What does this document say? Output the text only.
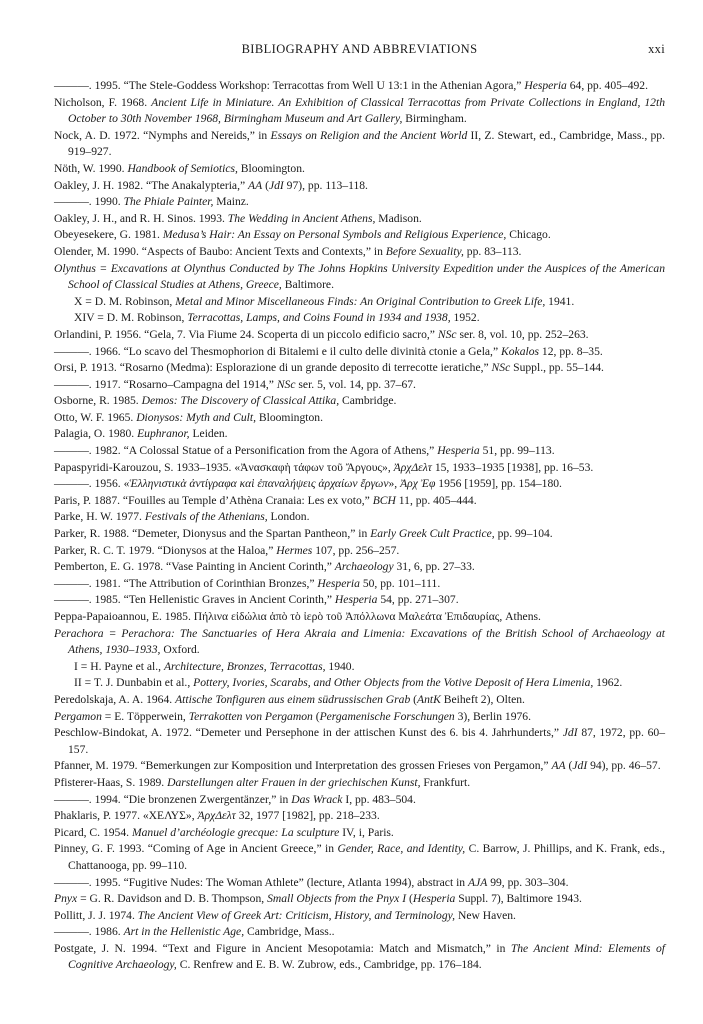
BIBLIOGRAPHY AND ABBREVIATIONS	xxi

———. 1995. “The Stele-Goddess Workshop: Terracottas from Well U 13:1 in the Athenian Agora,” Hesperia 64, pp. 405–492.

Nicholson, F. 1968. Ancient Life in Miniature. An Exhibition of Classical Terracottas from Private Collections in England, 12th October to 30th November 1968, Birmingham Museum and Art Gallery, Birmingham.

Nock, A. D. 1972. “Nymphs and Nereids,” in Essays on Religion and the Ancient World II, Z. Stewart, ed., Cambridge, Mass., pp. 919–927.

Nöth, W. 1990. Handbook of Semiotics, Bloomington.

Oakley, J. H. 1982. “The Anakalypteria,” AA (JdI 97), pp. 113–118.

———. 1990. The Phiale Painter, Mainz.

Oakley, J. H., and R. H. Sinos. 1993. The Wedding in Ancient Athens, Madison.

Obeyesekere, G. 1981. Medusa’s Hair: An Essay on Personal Symbols and Religious Experience, Chicago.

Olender, M. 1990. “Aspects of Baubo: Ancient Texts and Contexts,” in Before Sexuality, pp. 83–113.

Olynthus = Excavations at Olynthus Conducted by The Johns Hopkins University Expedition under the Auspices of the American School of Classical Studies at Athens, Greece, Baltimore.

X = D. M. Robinson, Metal and Minor Miscellaneous Finds: An Original Contribution to Greek Life, 1941.

XIV = D. M. Robinson, Terracottas, Lamps, and Coins Found in 1934 and 1938, 1952.

Orlandini, P. 1956. “Gela, 7. Via Fiume 24. Scoperta di un piccolo edificio sacro,” NSc ser. 8, vol. 10, pp. 252–263.

———. 1966. “Lo scavo del Thesmophorion di Bitalemi e il culto delle divinità ctonie a Gela,” Kokalos 12, pp. 8–35.

Orsi, P. 1913. “Rosarno (Medma): Esplorazione di un grande deposito di terrecotte ieratiche,” NSc Suppl., pp. 55–144.

———. 1917. “Rosarno–Campagna del 1914,” NSc ser. 5, vol. 14, pp. 37–67.

Osborne, R. 1985. Demos: The Discovery of Classical Attika, Cambridge.

Otto, W. F. 1965. Dionysos: Myth and Cult, Bloomington.

Palagia, O. 1980. Euphranor, Leiden.

———. 1982. “A Colossal Statue of a Personification from the Agora of Athens,” Hesperia 51, pp. 99–113.

Papaspyridi-Karouzou, S. 1933–1935. «Ἀνασκαφὴ τάφων τοῦ Ἄργους», ἈρχΔελτ 15, 1933–1935 [1938], pp. 16–53.

———. 1956. «Ἑλληνιστικὰ ἀντίγραφα καὶ ἐπαναλήψεις ἀρχαίων ἔργων», Ἀρχ Ἐφ 1956 [1959], pp. 154–180.

Paris, P. 1887. “Fouilles au Temple d’Athèna Cranaia: Les ex voto,” BCH 11, pp. 405–444.

Parke, H. W. 1977. Festivals of the Athenians, London.

Parker, R. 1988. “Demeter, Dionysus and the Spartan Pantheon,” in Early Greek Cult Practice, pp. 99–104.

Parker, R. C. T. 1979. “Dionysos at the Haloa,” Hermes 107, pp. 256–257.

Pemberton, E. G. 1978. “Vase Painting in Ancient Corinth,” Archaeology 31, 6, pp. 27–33.

———. 1981. “The Attribution of Corinthian Bronzes,” Hesperia 50, pp. 101–111.

———. 1985. “Ten Hellenistic Graves in Ancient Corinth,” Hesperia 54, pp. 271–307.

Peppa-Papaioannou, E. 1985. Πήλινα εἰδώλια ἀπὸ τὸ ἱερὸ τοῦ Ἀπόλλωνα Μαλεάτα Ἐπιδαυρίας, Athens.

Perachora = Perachora: The Sanctuaries of Hera Akraia and Limenia: Excavations of the British School of Archaeology at Athens, 1930–1933, Oxford.

I = H. Payne et al., Architecture, Bronzes, Terracottas, 1940.

II = T. J. Dunbabin et al., Pottery, Ivories, Scarabs, and Other Objects from the Votive Deposit of Hera Limenia, 1962.

Peredolskaja, A. A. 1964. Attische Tonfiguren aus einem südrussischen Grab (AntK Beiheft 2), Olten.

Pergamon = E. Töpperwein, Terrakotten von Pergamon (Pergamenische Forschungen 3), Berlin 1976.

Peschlow-Bindokat, A. 1972. “Demeter und Persephone in der attischen Kunst des 6. bis 4. Jahrhunderts,” JdI 87, 1972, pp. 60–157.

Pfanner, M. 1979. “Bemerkungen zur Komposition und Interpretation des grossen Frieses von Pergamon,” AA (JdI 94), pp. 46–57.

Pfisterer-Haas, S. 1989. Darstellungen alter Frauen in der griechischen Kunst, Frankfurt.

———. 1994. “Die bronzenen Zwergentänzer,” in Das Wrack I, pp. 483–504.

Phaklaris, P. 1977. «ΧΕΛΥΣ», ἈρχΔελτ 32, 1977 [1982], pp. 218–233.

Picard, C. 1954. Manuel d’archéologie grecque: La sculpture IV, i, Paris.

Pinney, G. F. 1993. “Coming of Age in Ancient Greece,” in Gender, Race, and Identity, C. Barrow, J. Phillips, and K. Frank, eds., Chattanooga, pp. 99–110.

———. 1995. “Fugitive Nudes: The Woman Athlete” (lecture, Atlanta 1994), abstract in AJA 99, pp. 303–304.

Pnyx = G. R. Davidson and D. B. Thompson, Small Objects from the Pnyx I (Hesperia Suppl. 7), Baltimore 1943.

Pollitt, J. J. 1974. The Ancient View of Greek Art: Criticism, History, and Terminology, New Haven.

———. 1986. Art in the Hellenistic Age, Cambridge, Mass..

Postgate, J. N. 1994. “Text and Figure in Ancient Mesopotamia: Match and Mismatch,” in The Ancient Mind: Elements of Cognitive Archaeology, C. Renfrew and E. B. W. Zubrow, eds., Cambridge, pp. 176–184.
